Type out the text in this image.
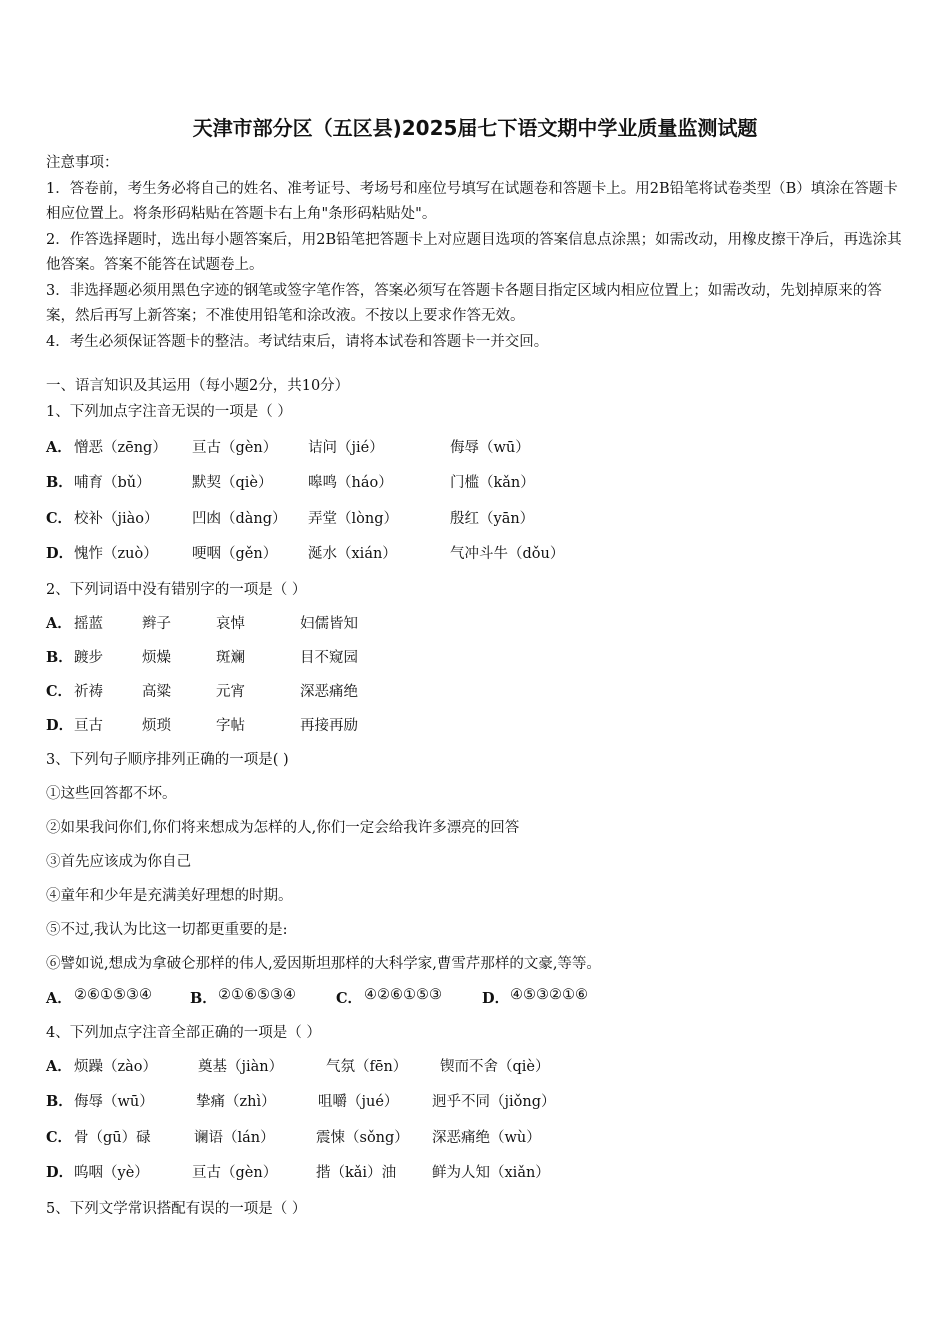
天津市部分区（五区县)2025届七下语文期中学业质量监测试题

注意事项：

1．答卷前，考生务必将自己的姓名、准考证号、考场号和座位号填写在试题卷和答题卡上。用2B铅笔将试卷类型（B）填涂在答题卡相应位置上。将条形码粘贴在答题卡右上角"条形码粘贴处"。

2．作答选择题时，选出每小题答案后，用2B铅笔把答题卡上对应题目选项的答案信息点涂黑；如需改动，用橡皮擦干净后，再选涂其他答案。答案不能答在试题卷上。

3．非选择题必须用黑色字迹的钢笔或签字笔作答，答案必须写在答题卡各题目指定区域内相应位置上；如需改动，先划掉原来的答案，然后再写上新答案；不准使用铅笔和涂改液。不按以上要求作答无效。

4．考生必须保证答题卡的整洁。考试结束后，请将本试卷和答题卡一并交回。

一、语言知识及其运用（每小题2分，共10分）
1、下列加点字注音无误的一项是（ ）
A． 憎恶（zēng） 亘古（gèn） 诘问（jié）	侮辱（wū）
B． 哺育（bǔ）	默契（qiè） 嗥鸣（háo）	门槛（kǎn）
C． 校补（jiào） 凹凼（dàng） 弄堂（lòng）	殷红（yān）
D． 愧怍（zuò） 哽咽（gěn） 涎水（xián）	气冲斗牛（dǒu）
2、下列词语中没有错别字的一项是（ ）
A． 摇蓝	辫子	哀悼	妇儒皆知
B． 踱步	烦燥	斑斓	目不窥园
C． 祈祷	高粱	元宵	深恶痛绝
D． 亘古	烦琐	字帖	再接再励
3、下列句子顺序排列正确的一项是( )
①这些回答都不坏。
②如果我问你们,你们将来想成为怎样的人,你们一定会给我许多漂亮的回答
③首先应该成为你自己
④童年和少年是充满美好理想的时期。
⑤不过,我认为比这一切都更重要的是:
⑥譬如说,想成为拿破仑那样的伟人,爱因斯坦那样的大科学家,曹雪芹那样的文豪,等等。
A． ②⑥①⑤③④	B． ②①⑥⑤③④	C． ④②⑥①⑤③	D． ④⑤③②①⑥
4、下列加点字注音全部正确的一项是（ ）
A． 烦躁（zào）	奠基（jiàn）	气氛（fēn） 锲而不舍（qiè）
B． 侮辱（wū）	挚痛（zhì）	咀嚼（jué） 迥乎不同（jiǒng）
C． 骨（gū）碌	谰语（lán）	震悚（sǒng） 深恶痛绝（wù）
D． 呜咽（yè）	亘古（gèn）	揩（kǎi）油 鲜为人知（xiǎn）
5、下列文学常识搭配有误的一项是（ ）
